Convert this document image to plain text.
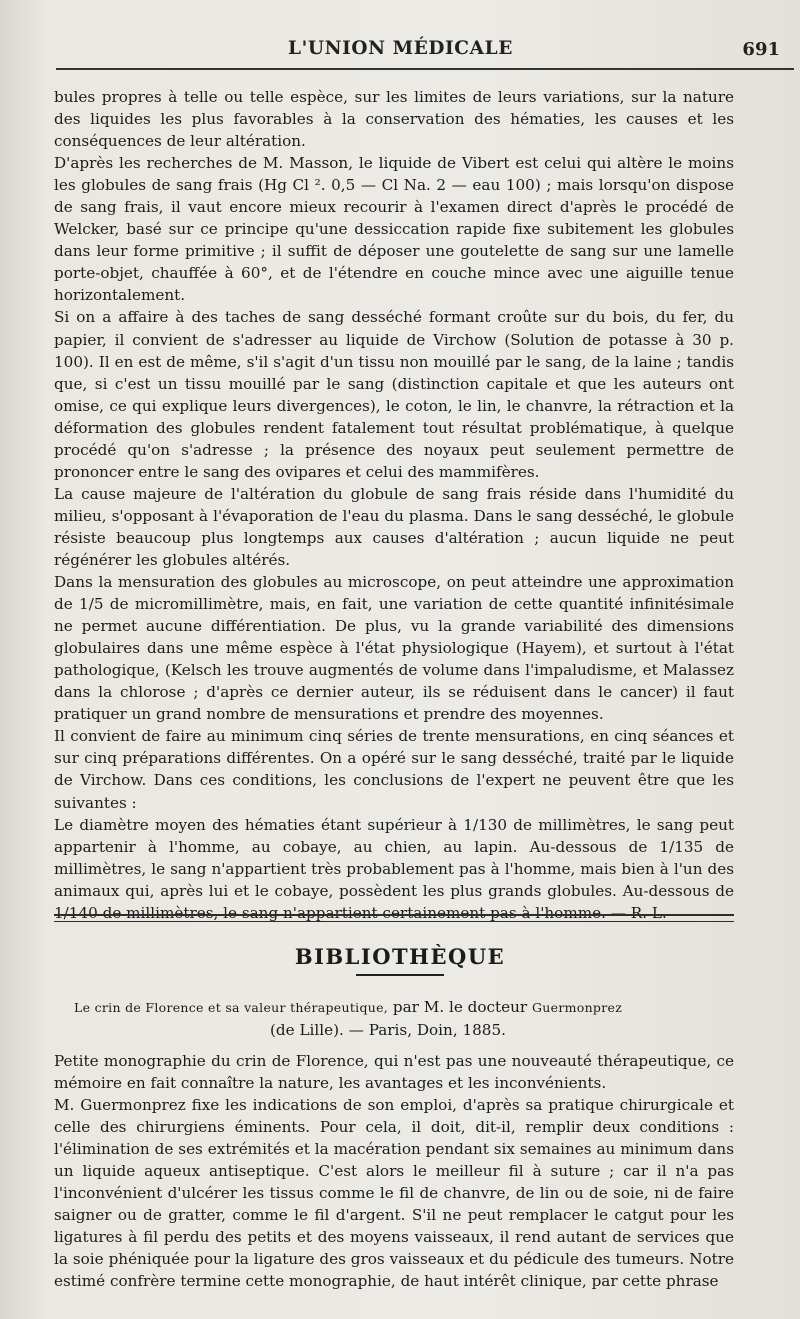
L'UNION MÉDICALE	691

bules propres à telle ou telle espèce, sur les limites de leurs variations, sur la nature des liquides les plus favorables à la conservation des hématies, les causes et les conséquences de leur altération.

D'après les recherches de M. Masson, le liquide de Vibert est celui qui altère le moins les globules de sang frais (Hg Cl ². 0,5 — Cl Na. 2 — eau 100) ; mais lorsqu'on dispose de sang frais, il vaut encore mieux recourir à l'examen direct d'après le procédé de Welcker, basé sur ce principe qu'une dessiccation rapide fixe subitement les globules dans leur forme primitive ; il suffit de déposer une goutelette de sang sur une lamelle porte-objet, chauffée à 60°, et de l'étendre en couche mince avec une aiguille tenue horizontalement.

Si on a affaire à des taches de sang desséché formant croûte sur du bois, du fer, du papier, il convient de s'adresser au liquide de Virchow (Solution de potasse à 30 p. 100). Il en est de même, s'il s'agit d'un tissu non mouillé par le sang, de la laine ; tandis que, si c'est un tissu mouillé par le sang (distinction capitale et que les auteurs ont omise, ce qui explique leurs divergences), le coton, le lin, le chanvre, la rétraction et la déformation des globules rendent fatalement tout résultat problématique, à quelque procédé qu'on s'adresse ; la présence des noyaux peut seulement permettre de prononcer entre le sang des ovipares et celui des mammifères.

La cause majeure de l'altération du globule de sang frais réside dans l'humidité du milieu, s'opposant à l'évaporation de l'eau du plasma. Dans le sang desséché, le globule résiste beaucoup plus longtemps aux causes d'altération ; aucun liquide ne peut régénérer les globules altérés.

Dans la mensuration des globules au microscope, on peut atteindre une approximation de 1/5 de micromillimètre, mais, en fait, une variation de cette quantité infinitésimale ne permet aucune différentiation. De plus, vu la grande variabilité des dimensions globulaires dans une même espèce à l'état physiologique (Hayem), et surtout à l'état pathologique, (Kelsch les trouve augmentés de volume dans l'impaludisme, et Malassez dans la chlorose ; d'après ce dernier auteur, ils se réduisent dans le cancer) il faut pratiquer un grand nombre de mensurations et prendre des moyennes.

Il convient de faire au minimum cinq séries de trente mensurations, en cinq séances et sur cinq préparations différentes. On a opéré sur le sang desséché, traité par le liquide de Virchow. Dans ces conditions, les conclusions de l'expert ne peuvent être que les suivantes :

Le diamètre moyen des hématies étant supérieur à 1/130 de millimètres, le sang peut appartenir à l'homme, au cobaye, au chien, au lapin. Au-dessous de 1/135 de millimètres, le sang n'appartient très probablement pas à l'homme, mais bien à l'un des animaux qui, après lui et le cobaye, possèdent les plus grands globules. Au-dessous de 1/140 de millimètres, le sang n'appartient certainement pas à l'homme. — R. L.

BIBLIOTHÈQUE
Le crin de Florence et sa valeur thérapeutique, par M. le docteur Guermonprez
(de Lille). — Paris, Doin, 1885.

Petite monographie du crin de Florence, qui n'est pas une nouveauté thérapeutique, ce mémoire en fait connaître la nature, les avantages et les inconvénients.

M. Guermonprez fixe les indications de son emploi, d'après sa pratique chirurgicale et celle des chirurgiens éminents. Pour cela, il doit, dit-il, remplir deux conditions : l'élimination de ses extrémités et la macération pendant six semaines au minimum dans un liquide aqueux antiseptique. C'est alors le meilleur fil à suture ; car il n'a pas l'inconvénient d'ulcérer les tissus comme le fil de chanvre, de lin ou de soie, ni de faire saigner ou de gratter, comme le fil d'argent. S'il ne peut remplacer le catgut pour les ligatures à fil perdu des petits et des moyens vaisseaux, il rend autant de services que la soie phéniquée pour la ligature des gros vaisseaux et du pédicule des tumeurs. Notre estimé confrère termine cette monographie, de haut intérêt clinique, par cette phrase
